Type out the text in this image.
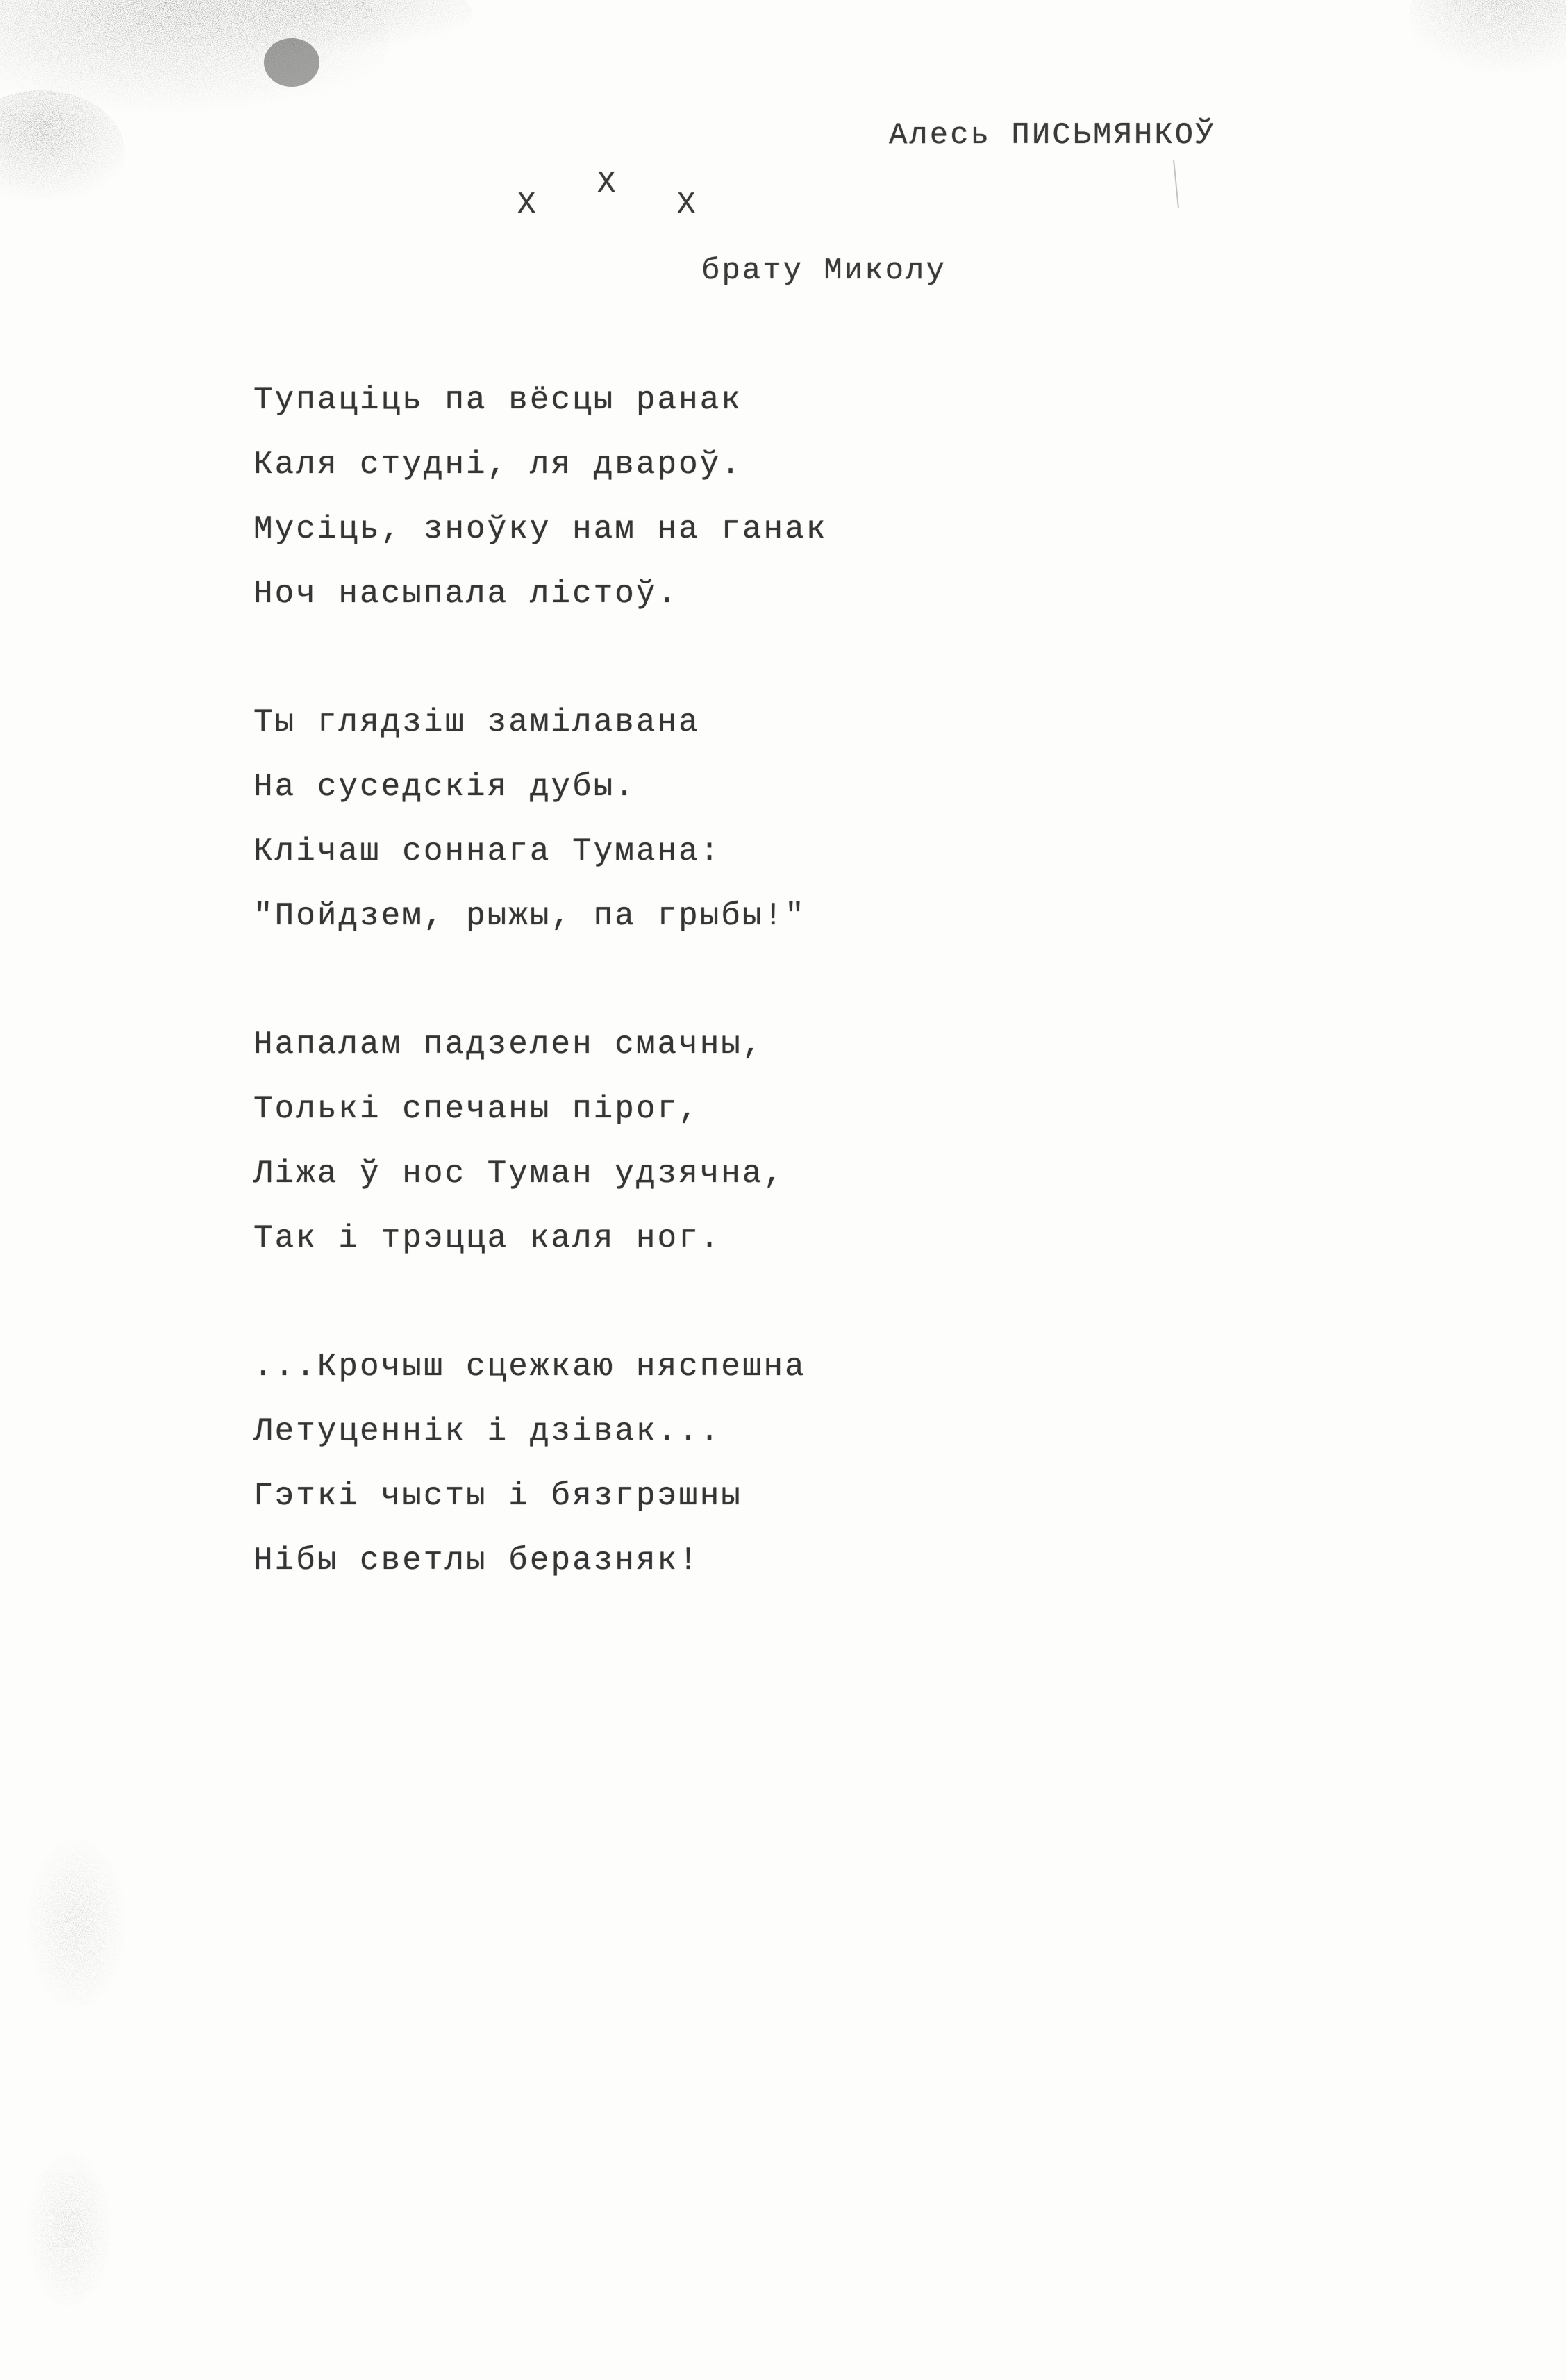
Алесь ПИСЬМЯНКОЎ
Х
Х
Х
брату Миколу
Тупаціць па вёсцы ранак
Каля студні, ля двароў.
Мусіць, зноўку нам на ганак
Ноч насыпала лістоў.
Ты глядзіш замілавана
На суседскія дубы.
Клічаш соннага Тумана:
"Пойдзем, рыжы, па грыбы!"
Напалам падзелен смачны,
Толькі спечаны пірог,
Ліжа ў нос Туман удзячна,
Так і трэцца каля ног.
...Крочыш сцежкаю няспешна
Летуценнік і дзівак...
Гэткі чысты і бязгрэшны
Нібы светлы беразняк!
